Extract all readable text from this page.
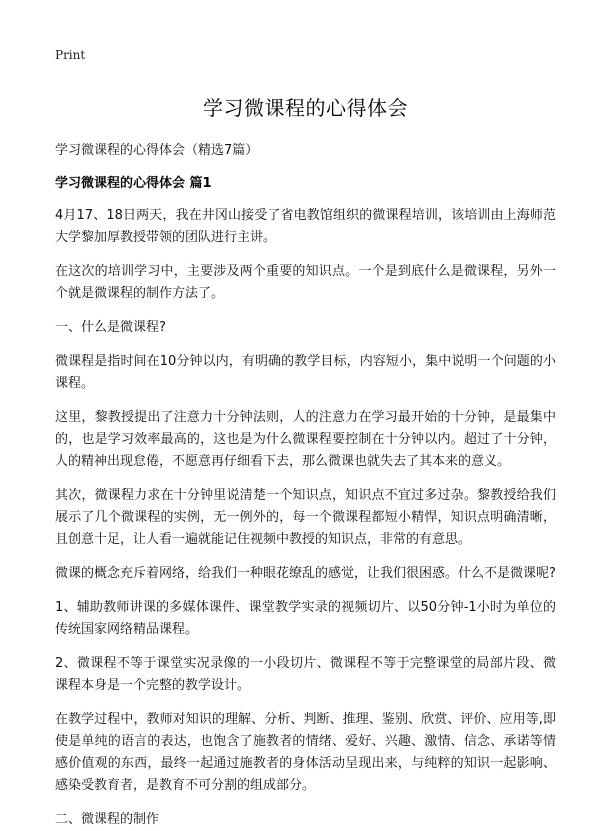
Print
学习微课程的心得体会
学习微课程的心得体会（精选7篇）
学习微课程的心得体会 篇1

4月17、18日两天，我在井冈山接受了省电教馆组织的微课程培训，该培训由上海师范大学黎加厚教授带领的团队进行主讲。

在这次的培训学习中，主要涉及两个重要的知识点。一个是到底什么是微课程，另外一个就是微课程的制作方法了。

一、什么是微课程?

微课程是指时间在10分钟以内，有明确的教学目标，内容短小，集中说明一个问题的小课程。

这里，黎教授提出了注意力十分钟法则，人的注意力在学习最开始的十分钟，是最集中的，也是学习效率最高的，这也是为什么微课程要控制在十分钟以内。超过了十分钟，人的精神出现怠倦，不愿意再仔细看下去，那么微课也就失去了其本来的意义。

其次，微课程力求在十分钟里说清楚一个知识点，知识点不宜过多过杂。黎教授给我们展示了几个微课程的实例，无一例外的，每一个微课程都短小精悍，知识点明确清晰，且创意十足，让人看一遍就能记住视频中教授的知识点，非常的有意思。

微课的概念充斥着网络，给我们一种眼花缭乱的感觉，让我们很困惑。什么不是微课呢?

1、辅助教师讲课的多媒体课件、课堂教学实录的视频切片、以50分钟-1小时为单位的传统国家网络精品课程。

2、微课程不等于课堂实况录像的一小段切片、微课程不等于完整课堂的局部片段、微课程本身是一个完整的教学设计。

在教学过程中，教师对知识的理解、分析、判断、推理、鉴别、欣赏、评价、应用等,即使是单纯的语言的表达，也饱含了施教者的情绪、爱好、兴趣、激情、信念、承诺等情感价值观的东西，最终一起通过施教者的身体活动呈现出来，与纯粹的知识一起影响、感染受教育者，是教育不可分割的组成部分。

二、微课程的制作
